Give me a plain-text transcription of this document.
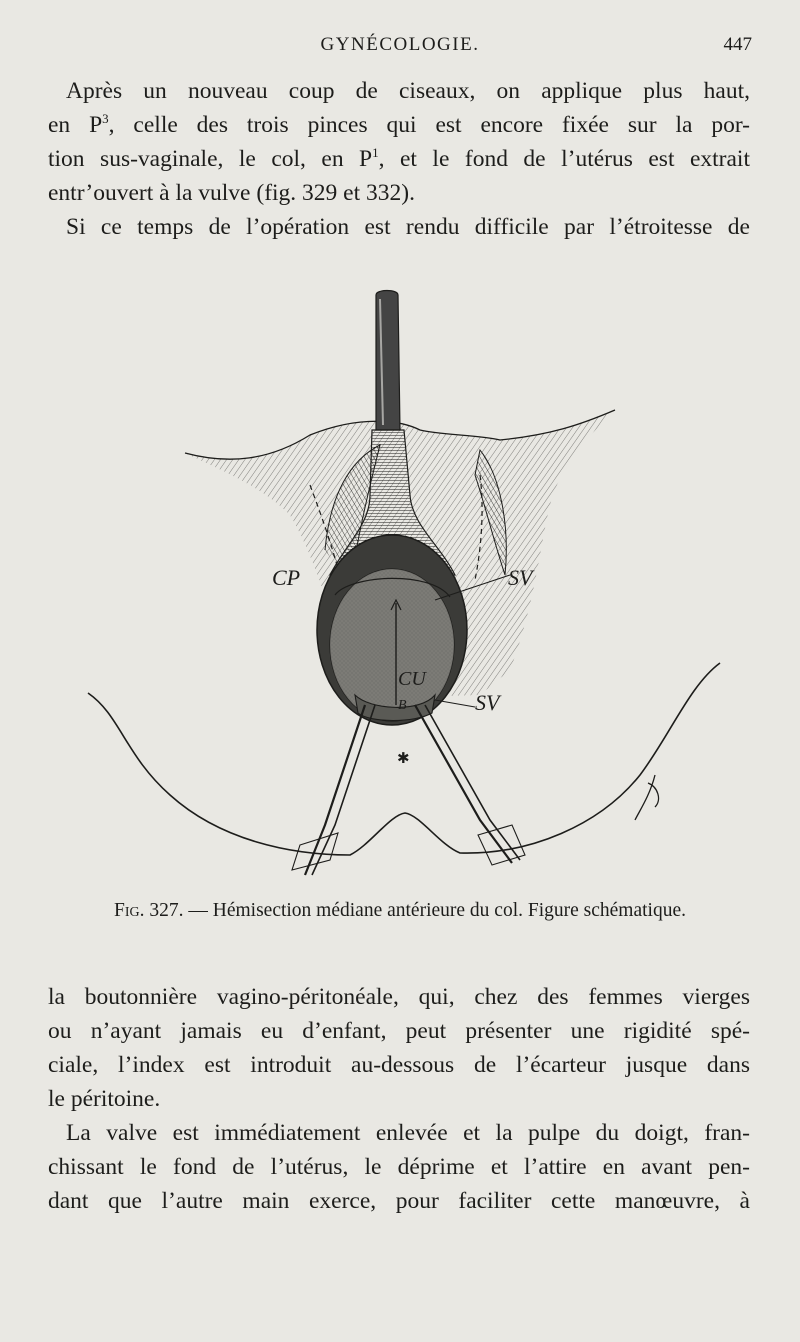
GYNÉCOLOGIE.	447

Après un nouveau coup de ciseaux, on applique plus haut,
en $P^3$, celle des trois pinces qui est encore fixée sur la por-
tion sus-vaginale, le col, en $P^1$, et le fond de l’utérus est extrait
entr’ouvert à la vulve (fig. 329 et 332).

Si ce temps de l’opération est rendu difficile par l’étroitesse de

CP	SV
CU
SV
B
✱
Fig. 327. — Hémisection médiane antérieure du col. Figure schématique.

la boutonnière vagino-péritonéale, qui, chez des femmes vierges
ou n’ayant jamais eu d’enfant, peut présenter une rigidité spé-
ciale, l’index est introduit au-dessous de l’écarteur jusque dans
le péritoine.

La valve est immédiatement enlevée et la pulpe du doigt, fran-
chissant le fond de l’utérus, le déprime et l’attire en avant pen-
dant que l’autre main exerce, pour faciliter cette manœuvre, à
